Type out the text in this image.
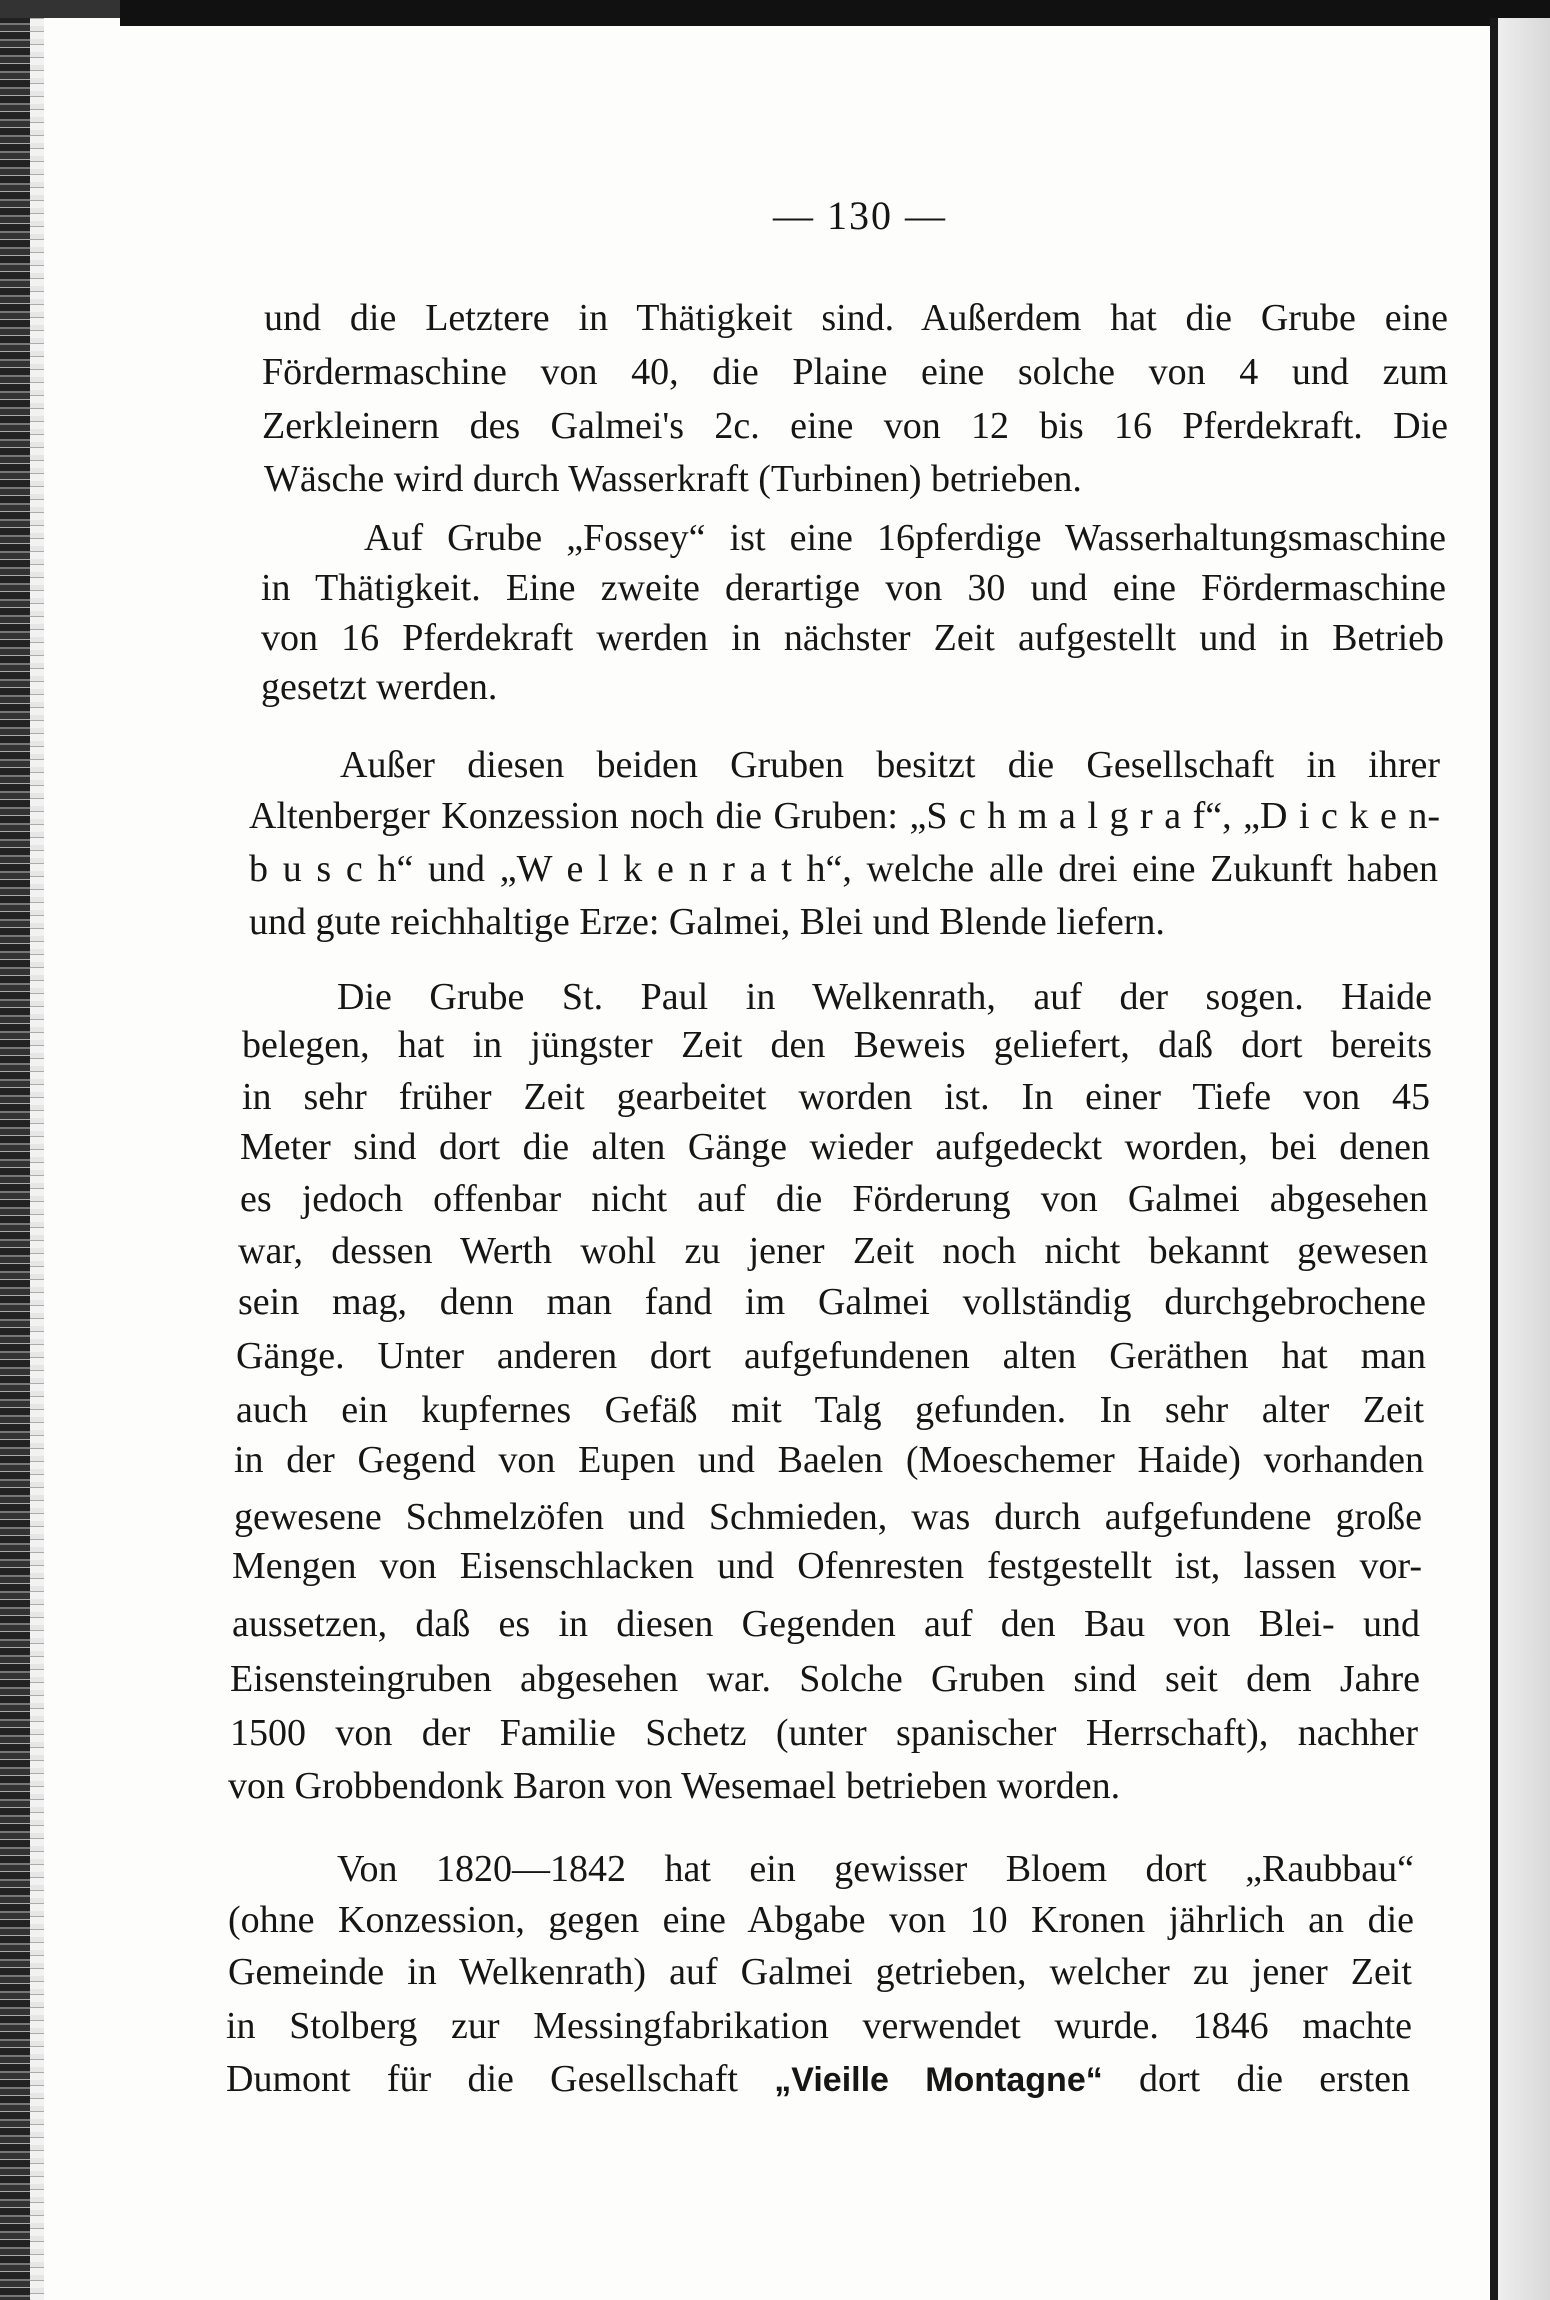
— 130 —
und die Letztere in Thätigkeit sind. Außerdem hat die Grube eine
Fördermaschine von 40, die Plaine eine solche von 4 und zum
Zerkleinern des Galmei's 2c. eine von 12 bis 16 Pferdekraft. Die
Wäsche wird durch Wasserkraft (Turbinen) betrieben.
Auf Grube „Fossey“ ist eine 16pferdige Wasserhaltungsmaschine
in Thätigkeit. Eine zweite derartige von 30 und eine Fördermaschine
von 16 Pferdekraft werden in nächster Zeit aufgestellt und in Betrieb
gesetzt werden.
Außer diesen beiden Gruben besitzt die Gesellschaft in ihrer
Altenberger Konzession noch die Gruben: „S c h m a l g r a f“, „D i c k e n-
b u s c h“ und „W e l k e n r a t h“, welche alle drei eine Zukunft haben
und gute reichhaltige Erze: Galmei, Blei und Blende liefern.
Die Grube St. Paul in Welkenrath, auf der sogen. Haide
belegen, hat in jüngster Zeit den Beweis geliefert, daß dort bereits
in sehr früher Zeit gearbeitet worden ist. In einer Tiefe von 45
Meter sind dort die alten Gänge wieder aufgedeckt worden, bei denen
es jedoch offenbar nicht auf die Förderung von Galmei abgesehen
war, dessen Werth wohl zu jener Zeit noch nicht bekannt gewesen
sein mag, denn man fand im Galmei vollständig durchgebrochene
Gänge. Unter anderen dort aufgefundenen alten Geräthen hat man
auch ein kupfernes Gefäß mit Talg gefunden. In sehr alter Zeit
in der Gegend von Eupen und Baelen (Moeschemer Haide) vorhanden
gewesene Schmelzöfen und Schmieden, was durch aufgefundene große
Mengen von Eisenschlacken und Ofenresten festgestellt ist, lassen vor-
aussetzen, daß es in diesen Gegenden auf den Bau von Blei- und
Eisensteingruben abgesehen war. Solche Gruben sind seit dem Jahre
1500 von der Familie Schetz (unter spanischer Herrschaft), nachher
von Grobbendonk Baron von Wesemael betrieben worden.
Von 1820—1842 hat ein gewisser Bloem dort „Raubbau“
(ohne Konzession, gegen eine Abgabe von 10 Kronen jährlich an die
Gemeinde in Welkenrath) auf Galmei getrieben, welcher zu jener Zeit
in Stolberg zur Messingfabrikation verwendet wurde. 1846 machte
Dumont für die Gesellschaft „Vieille Montagne“ dort die ersten
